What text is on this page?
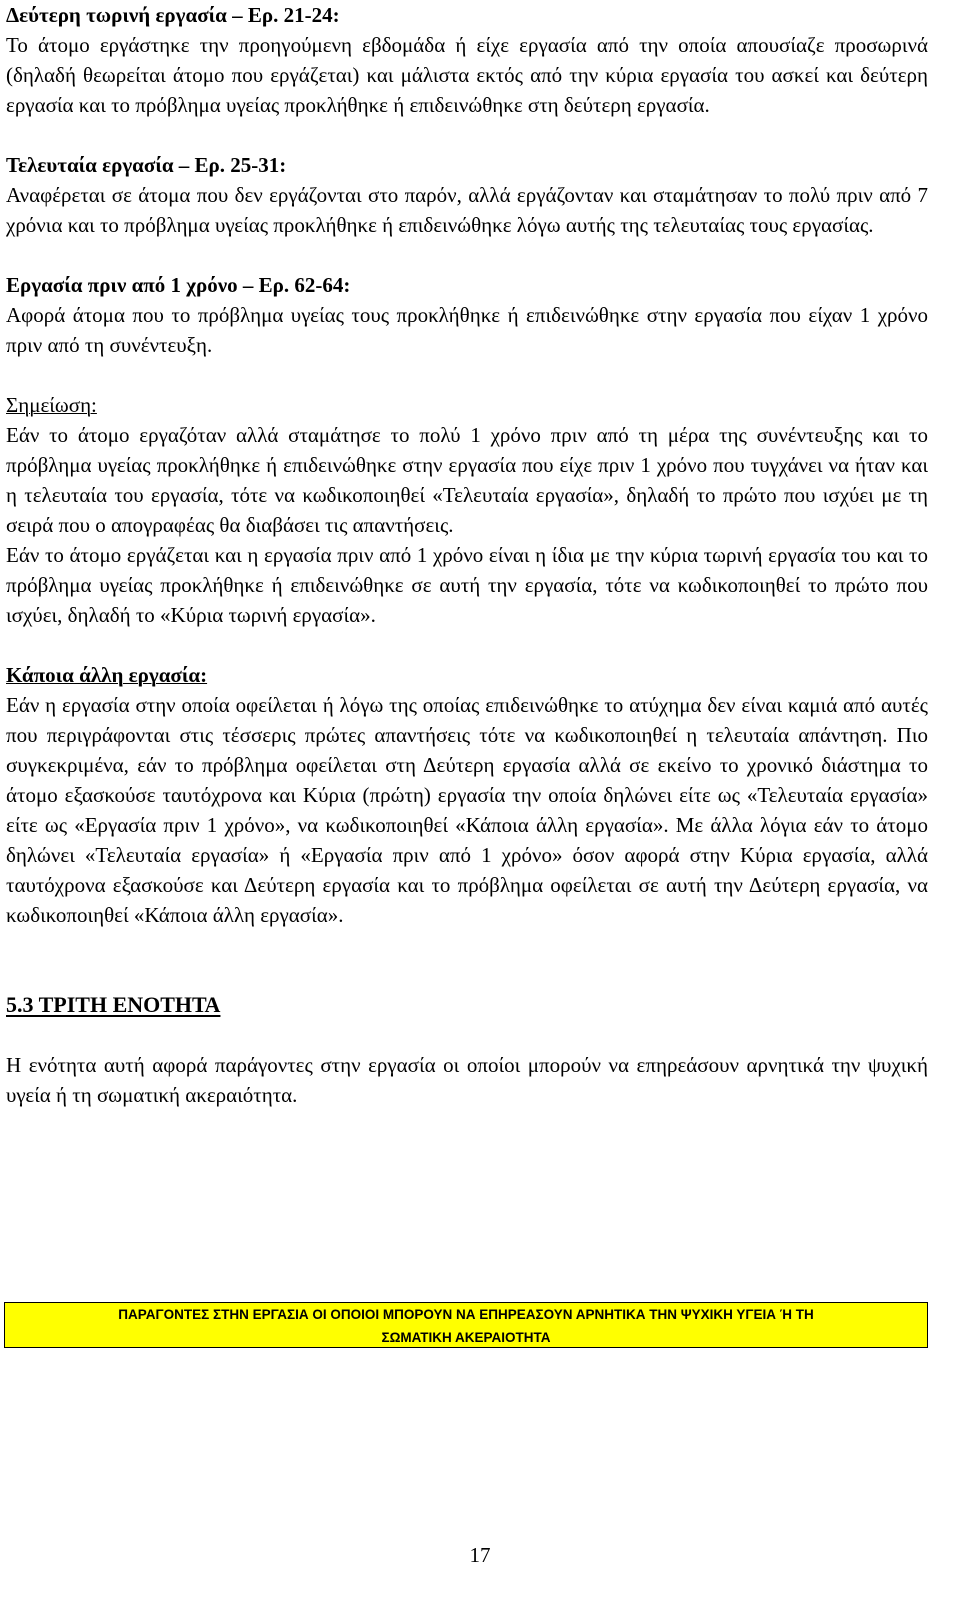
Δεύτερη τωρινή εργασία – Ερ. 21-24:

Το άτομο εργάστηκε την προηγούμενη εβδομάδα ή είχε εργασία από την οποία απουσίαζε προσωρινά (δηλαδή θεωρείται άτομο που εργάζεται) και μάλιστα εκτός από την κύρια εργασία του ασκεί και δεύτερη εργασία και το πρόβλημα υγείας προκλήθηκε ή επιδεινώθηκε στη δεύτερη εργασία.

Τελευταία εργασία – Ερ. 25-31:

Αναφέρεται σε άτομα που δεν εργάζονται στο παρόν, αλλά εργάζονταν και σταμάτησαν το πολύ πριν από 7 χρόνια και το πρόβλημα υγείας προκλήθηκε ή επιδεινώθηκε λόγω αυτής της τελευταίας τους εργασίας.

Εργασία πριν από 1 χρόνο – Ερ. 62-64:

Αφορά άτομα που το πρόβλημα υγείας τους προκλήθηκε ή επιδεινώθηκε στην εργασία που είχαν 1 χρόνο πριν από τη συνέντευξη.

Σημείωση:

Εάν το άτομο εργαζόταν αλλά σταμάτησε το πολύ 1 χρόνο πριν από τη μέρα της συνέντευξης και το πρόβλημα υγείας προκλήθηκε ή επιδεινώθηκε στην εργασία που είχε πριν 1 χρόνο που τυγχάνει να ήταν και η τελευταία του εργασία, τότε να κωδικοποιηθεί «Τελευταία εργασία», δηλαδή το πρώτο που ισχύει με τη σειρά που ο απογραφέας θα διαβάσει τις απαντήσεις.

Εάν το άτομο εργάζεται και η εργασία πριν από 1 χρόνο είναι η ίδια με την κύρια τωρινή εργασία του και το πρόβλημα υγείας προκλήθηκε ή επιδεινώθηκε σε αυτή την εργασία, τότε να κωδικοποιηθεί το πρώτο που ισχύει, δηλαδή το «Κύρια τωρινή εργασία».

Κάποια άλλη εργασία:

Εάν η εργασία στην οποία οφείλεται ή λόγω της οποίας επιδεινώθηκε το ατύχημα δεν είναι καμιά από αυτές που περιγράφονται στις τέσσερις πρώτες απαντήσεις τότε να κωδικοποιηθεί η τελευταία απάντηση. Πιο συγκεκριμένα, εάν το πρόβλημα οφείλεται στη Δεύτερη εργασία αλλά σε εκείνο το χρονικό διάστημα το άτομο εξασκούσε ταυτόχρονα και Κύρια (πρώτη) εργασία την οποία δηλώνει είτε ως «Τελευταία εργασία» είτε ως «Εργασία πριν 1 χρόνο», να κωδικοποιηθεί «Κάποια άλλη εργασία». Με άλλα λόγια εάν το άτομο δηλώνει «Τελευταία εργασία» ή «Εργασία πριν από 1 χρόνο» όσον αφορά στην Κύρια εργασία, αλλά ταυτόχρονα εξασκούσε και Δεύτερη εργασία και το πρόβλημα οφείλεται σε αυτή την Δεύτερη εργασία, να κωδικοποιηθεί «Κάποια άλλη εργασία».

5.3 ΤΡΙΤΗ ΕΝΟΤΗΤΑ

Η ενότητα αυτή αφορά παράγοντες στην εργασία οι οποίοι μπορούν να επηρεάσουν αρνητικά την ψυχική υγεία ή τη σωματική ακεραιότητα.

ΠΑΡΑΓΟΝΤΕΣ ΣΤΗΝ ΕΡΓΑΣΙΑ ΟΙ ΟΠΟΙΟΙ ΜΠΟΡΟΥΝ ΝΑ ΕΠΗΡΕΑΣΟΥΝ ΑΡΝΗΤΙΚΑ ΤΗΝ ΨΥΧΙΚΗ ΥΓΕΙΑ Ή ΤΗ
ΣΩΜΑΤΙΚΗ ΑΚΕΡΑΙΟΤΗΤΑ
17
